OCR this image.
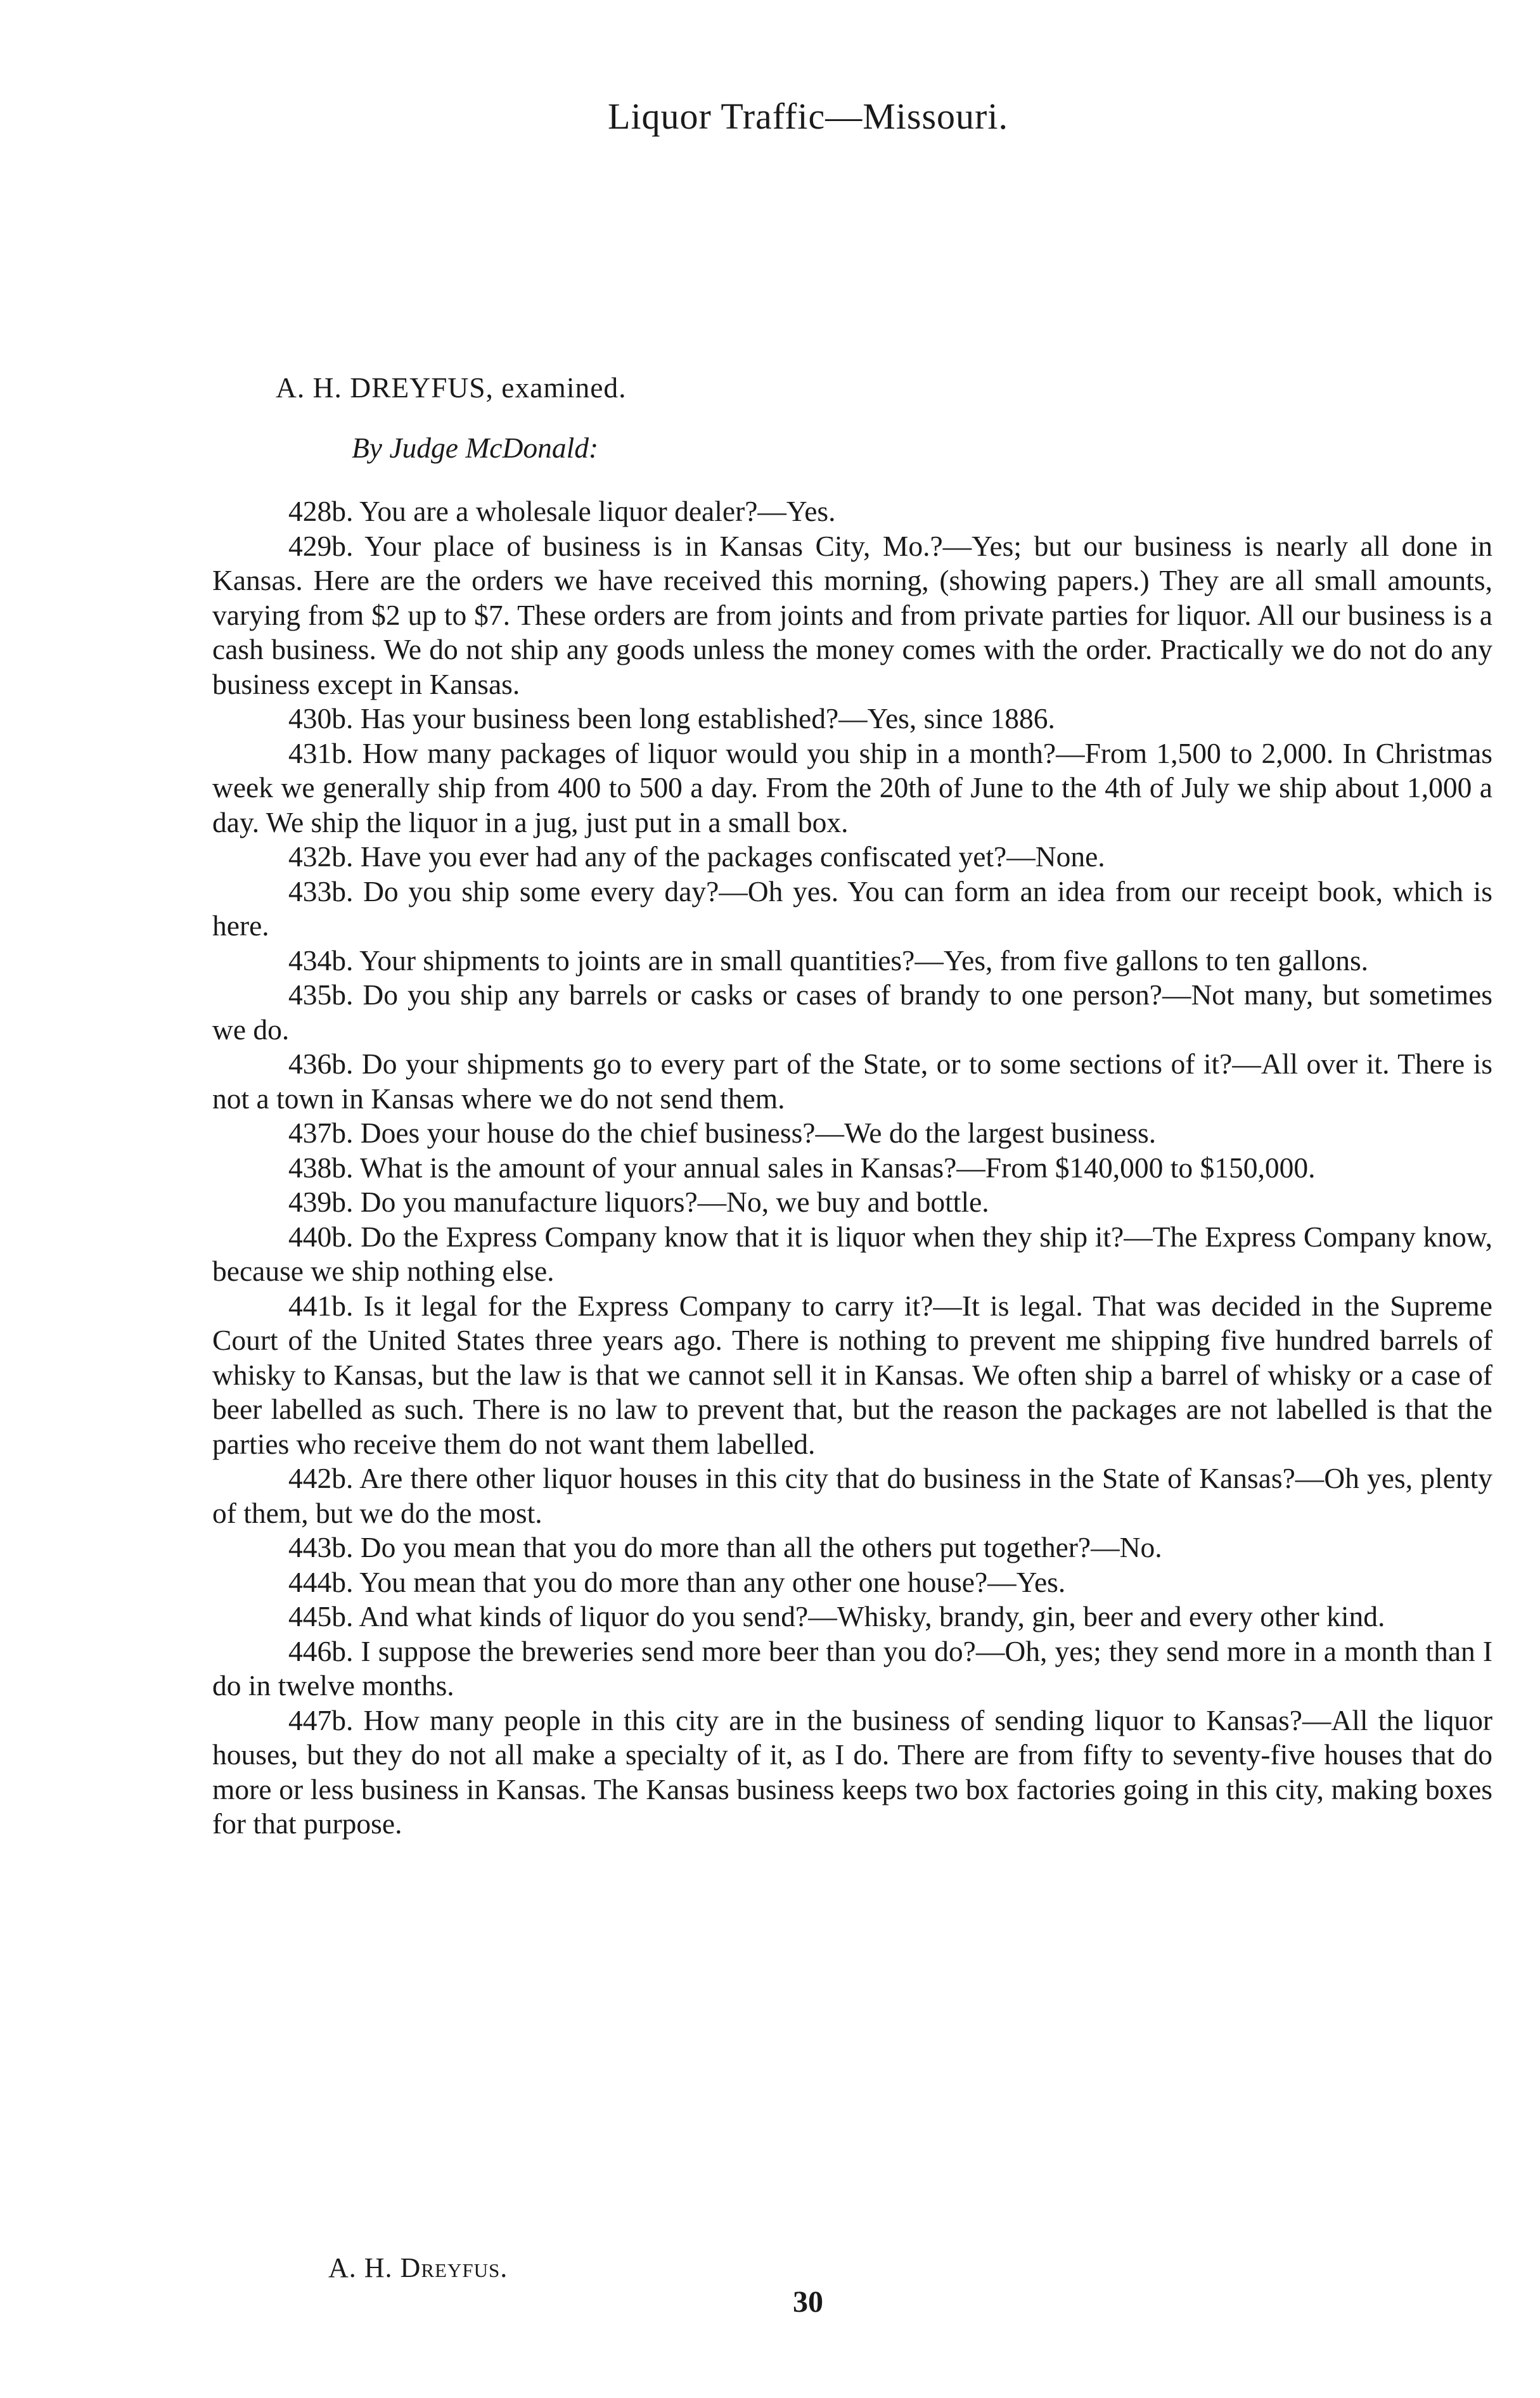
Liquor Traffic—Missouri.

A. H. DREYFUS, examined.

By Judge McDonald:

428b. You are a wholesale liquor dealer?—Yes.

429b. Your place of business is in Kansas City, Mo.?—Yes; but our business is nearly all done in Kansas. Here are the orders we have received this morning, (showing papers.) They are all small amounts, varying from $2 up to $7. These orders are from joints and from private parties for liquor. All our business is a cash business. We do not ship any goods unless the money comes with the order. Practically we do not do any business except in Kansas.

430b. Has your business been long established?—Yes, since 1886.

431b. How many packages of liquor would you ship in a month?—From 1,500 to 2,000. In Christmas week we generally ship from 400 to 500 a day. From the 20th of June to the 4th of July we ship about 1,000 a day. We ship the liquor in a jug, just put in a small box.

432b. Have you ever had any of the packages confiscated yet?—None.

433b. Do you ship some every day?—Oh yes. You can form an idea from our receipt book, which is here.

434b. Your shipments to joints are in small quantities?—Yes, from five gallons to ten gallons.

435b. Do you ship any barrels or casks or cases of brandy to one person?—Not many, but sometimes we do.

436b. Do your shipments go to every part of the State, or to some sections of it?—All over it. There is not a town in Kansas where we do not send them.

437b. Does your house do the chief business?—We do the largest business.

438b. What is the amount of your annual sales in Kansas?—From $140,000 to $150,000.

439b. Do you manufacture liquors?—No, we buy and bottle.

440b. Do the Express Company know that it is liquor when they ship it?—The Express Company know, because we ship nothing else.

441b. Is it legal for the Express Company to carry it?—It is legal. That was decided in the Supreme Court of the United States three years ago. There is nothing to prevent me shipping five hundred barrels of whisky to Kansas, but the law is that we cannot sell it in Kansas. We often ship a barrel of whisky or a case of beer labelled as such. There is no law to prevent that, but the reason the packages are not labelled is that the parties who receive them do not want them labelled.

442b. Are there other liquor houses in this city that do business in the State of Kansas?—Oh yes, plenty of them, but we do the most.

443b. Do you mean that you do more than all the others put together?—No.

444b. You mean that you do more than any other one house?—Yes.

445b. And what kinds of liquor do you send?—Whisky, brandy, gin, beer and every other kind.

446b. I suppose the breweries send more beer than you do?—Oh, yes; they send more in a month than I do in twelve months.

447b. How many people in this city are in the business of sending liquor to Kansas?—All the liquor houses, but they do not all make a specialty of it, as I do. There are from fifty to seventy-five houses that do more or less business in Kansas. The Kansas business keeps two box factories going in this city, making boxes for that purpose.

A. H. Dreyfus.
30
